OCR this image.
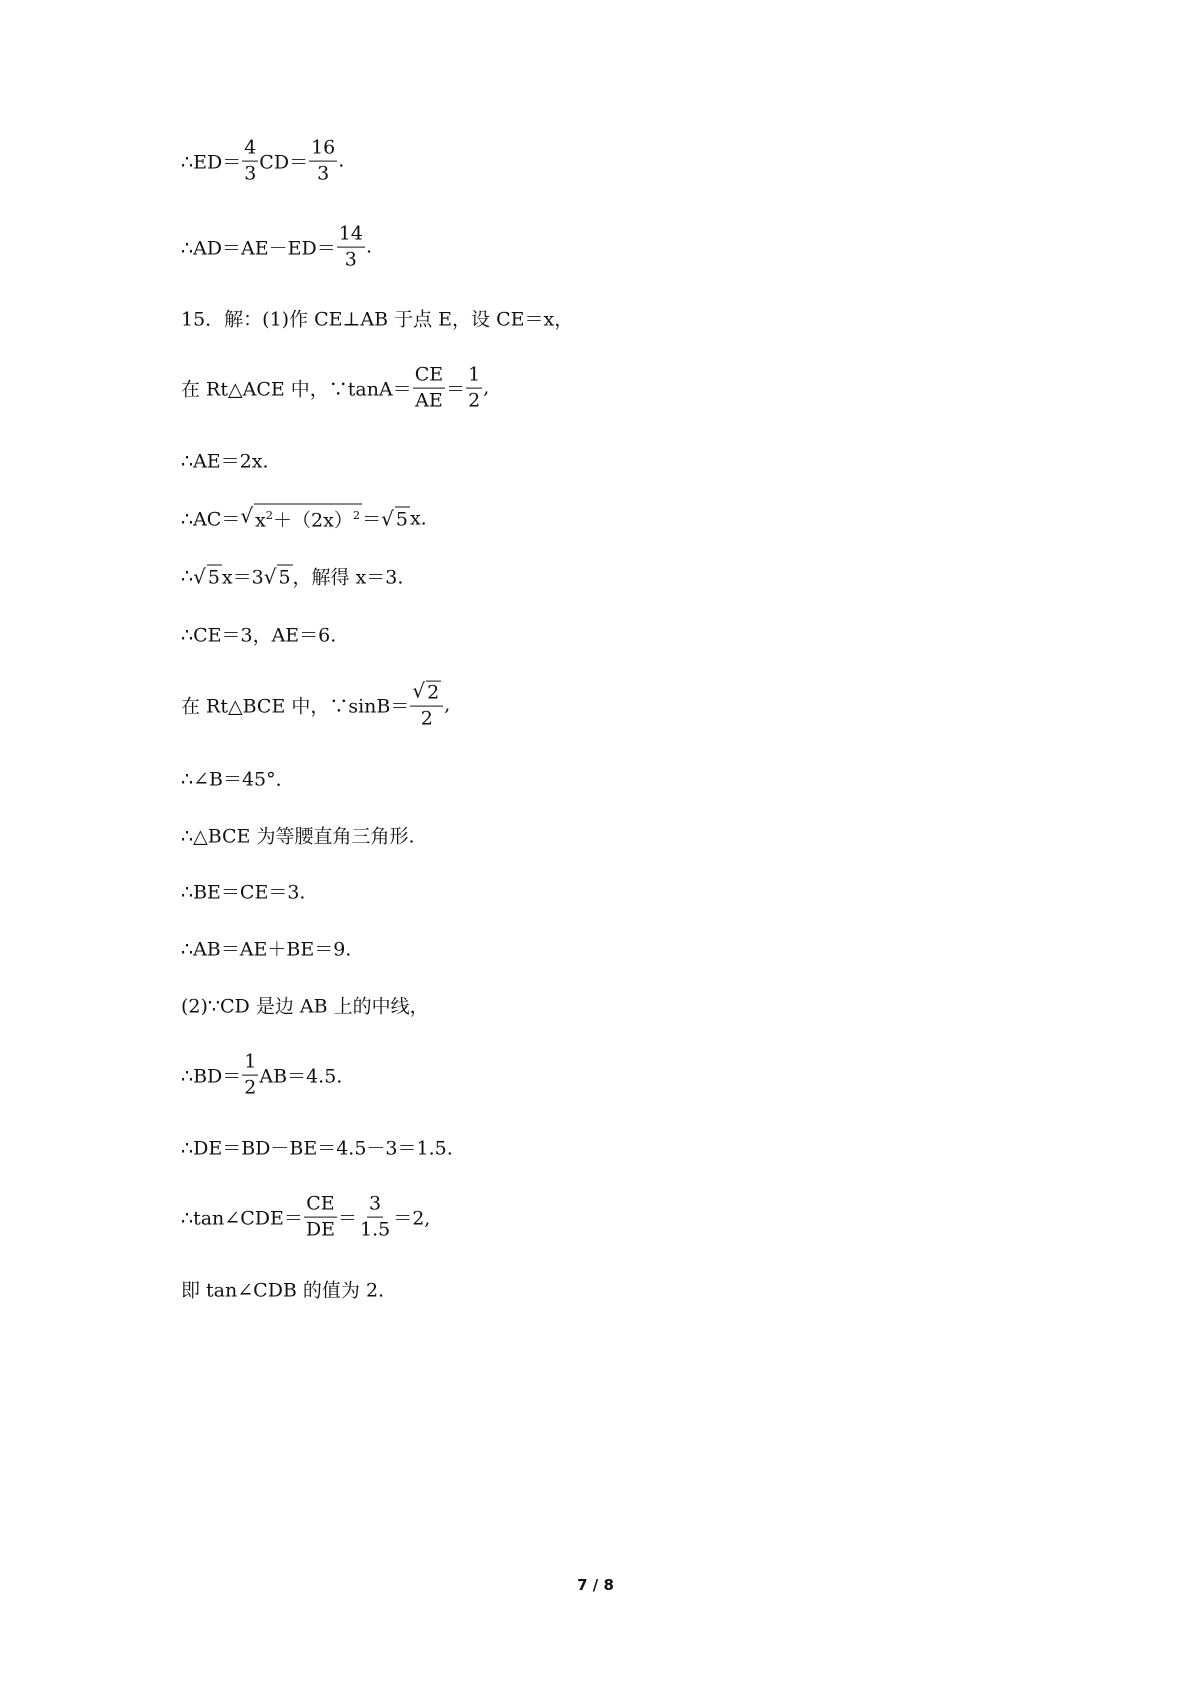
∴ED＝ $\frac{4}{3} CD= \frac{16}{3}$ .
∴AD＝AE－ED＝ $\frac{14}{3}$ .
15．解：(1)作 CE⊥AB 于点 E，设 CE＝x，
在 Rt△ACE 中，∵tanA＝ $\frac{CE}{AE} = \frac{1}{2}$ ,
∴AE＝2x.
∴AC＝ √ $x^2+(2x)^2$ ＝ √ 5 x.
∴ √ 5 x＝3 √ 5 ，解得 x＝3.
∴CE＝3，AE＝6.
在 Rt△BCE 中，∵sinB＝ $\frac{√ 2}{2}$ ,
∴∠B＝45°．
∴△BCE 为等腰直角三角形.
∴BE＝CE＝3.
∴AB＝AE＋BE＝9.
(2)∵CD 是边 AB 上的中线，
∴BD＝ $\frac{1}{2} AB=4.5$.
∴DE＝BD－BE＝4.5－3＝1.5.
∴tan∠CDE＝ $\frac{CE}{DE} = \frac{3}{1.5} =2$,
即 tan∠CDB 的值为 2.
7 / 8
